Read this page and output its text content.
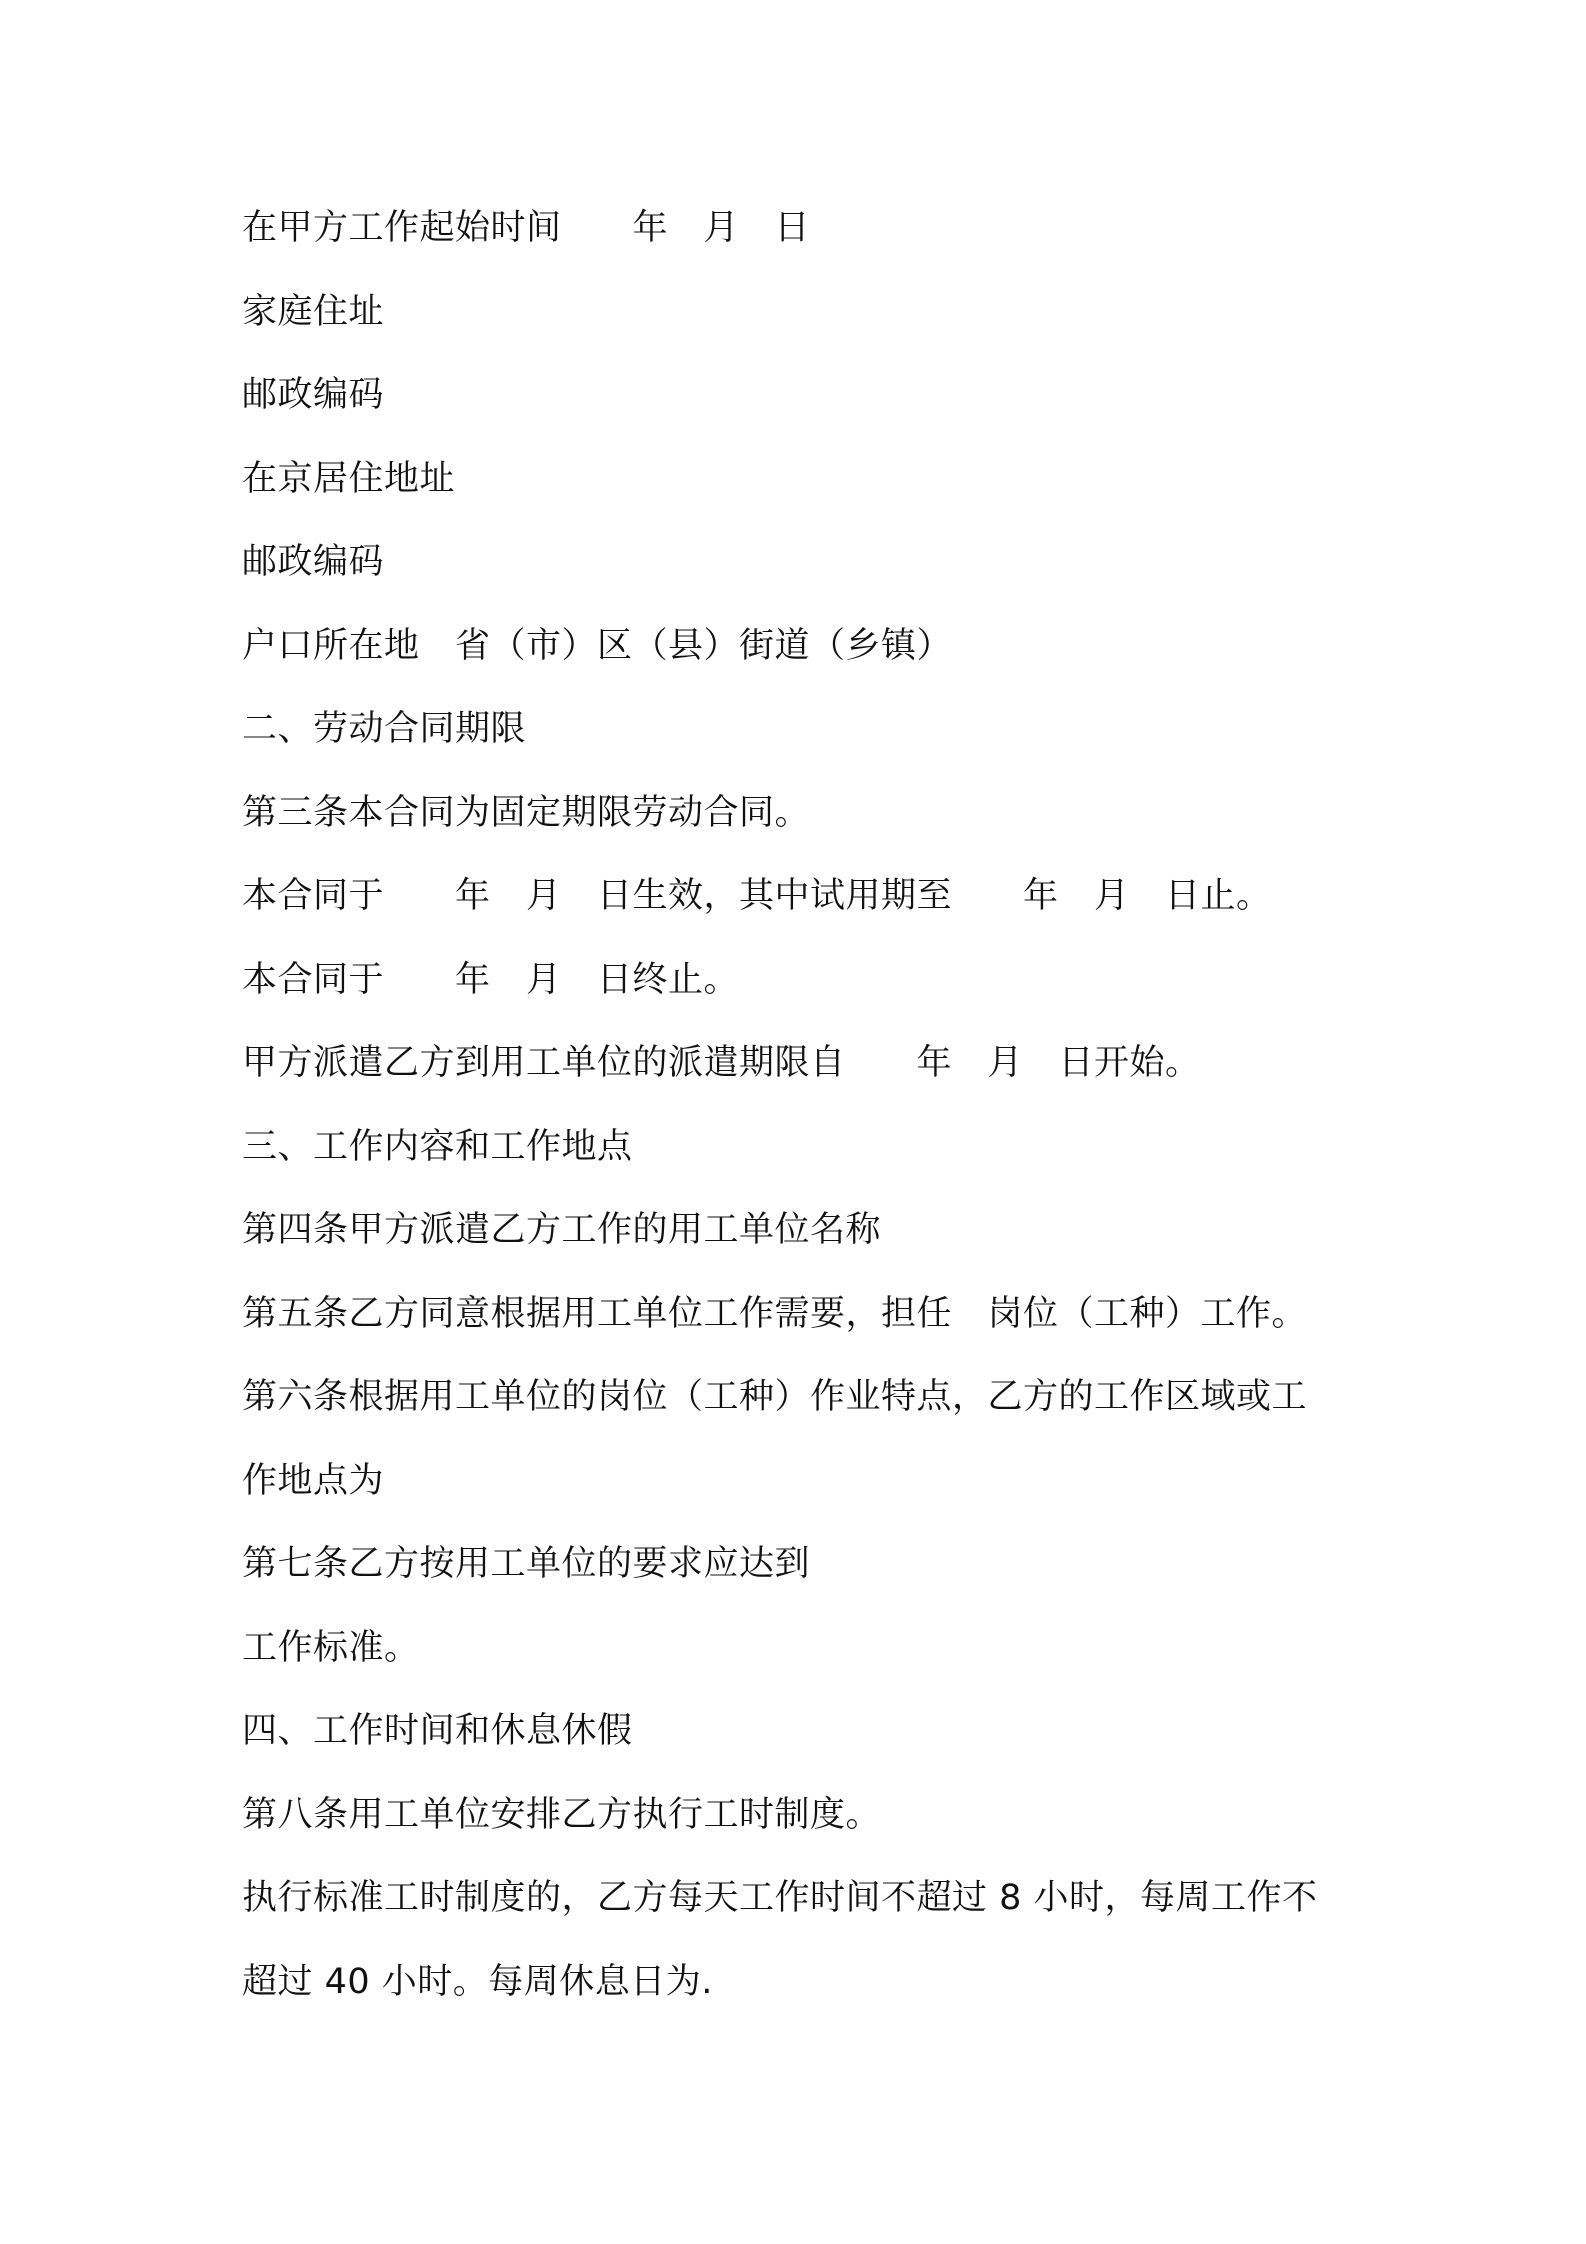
在甲方工作起始时间　　年　月　日
家庭住址
邮政编码
在京居住地址
邮政编码
户口所在地　省（市）区（县）街道（乡镇）
二、劳动合同期限
第三条本合同为固定期限劳动合同。
本合同于　　年　月　日生效，其中试用期至　　年　月　日止。
本合同于　　年　月　日终止。
甲方派遣乙方到用工单位的派遣期限自　　年　月　日开始。
三、工作内容和工作地点
第四条甲方派遣乙方工作的用工单位名称
第五条乙方同意根据用工单位工作需要，担任　岗位（工种）工作。
第六条根据用工单位的岗位（工种）作业特点，乙方的工作区域或工
作地点为
第七条乙方按用工单位的要求应达到
工作标准。
四、工作时间和休息休假
第八条用工单位安排乙方执行工时制度。
执行标准工时制度的，乙方每天工作时间不超过 8 小时，每周工作不
超过 40 小时。每周休息日为.
